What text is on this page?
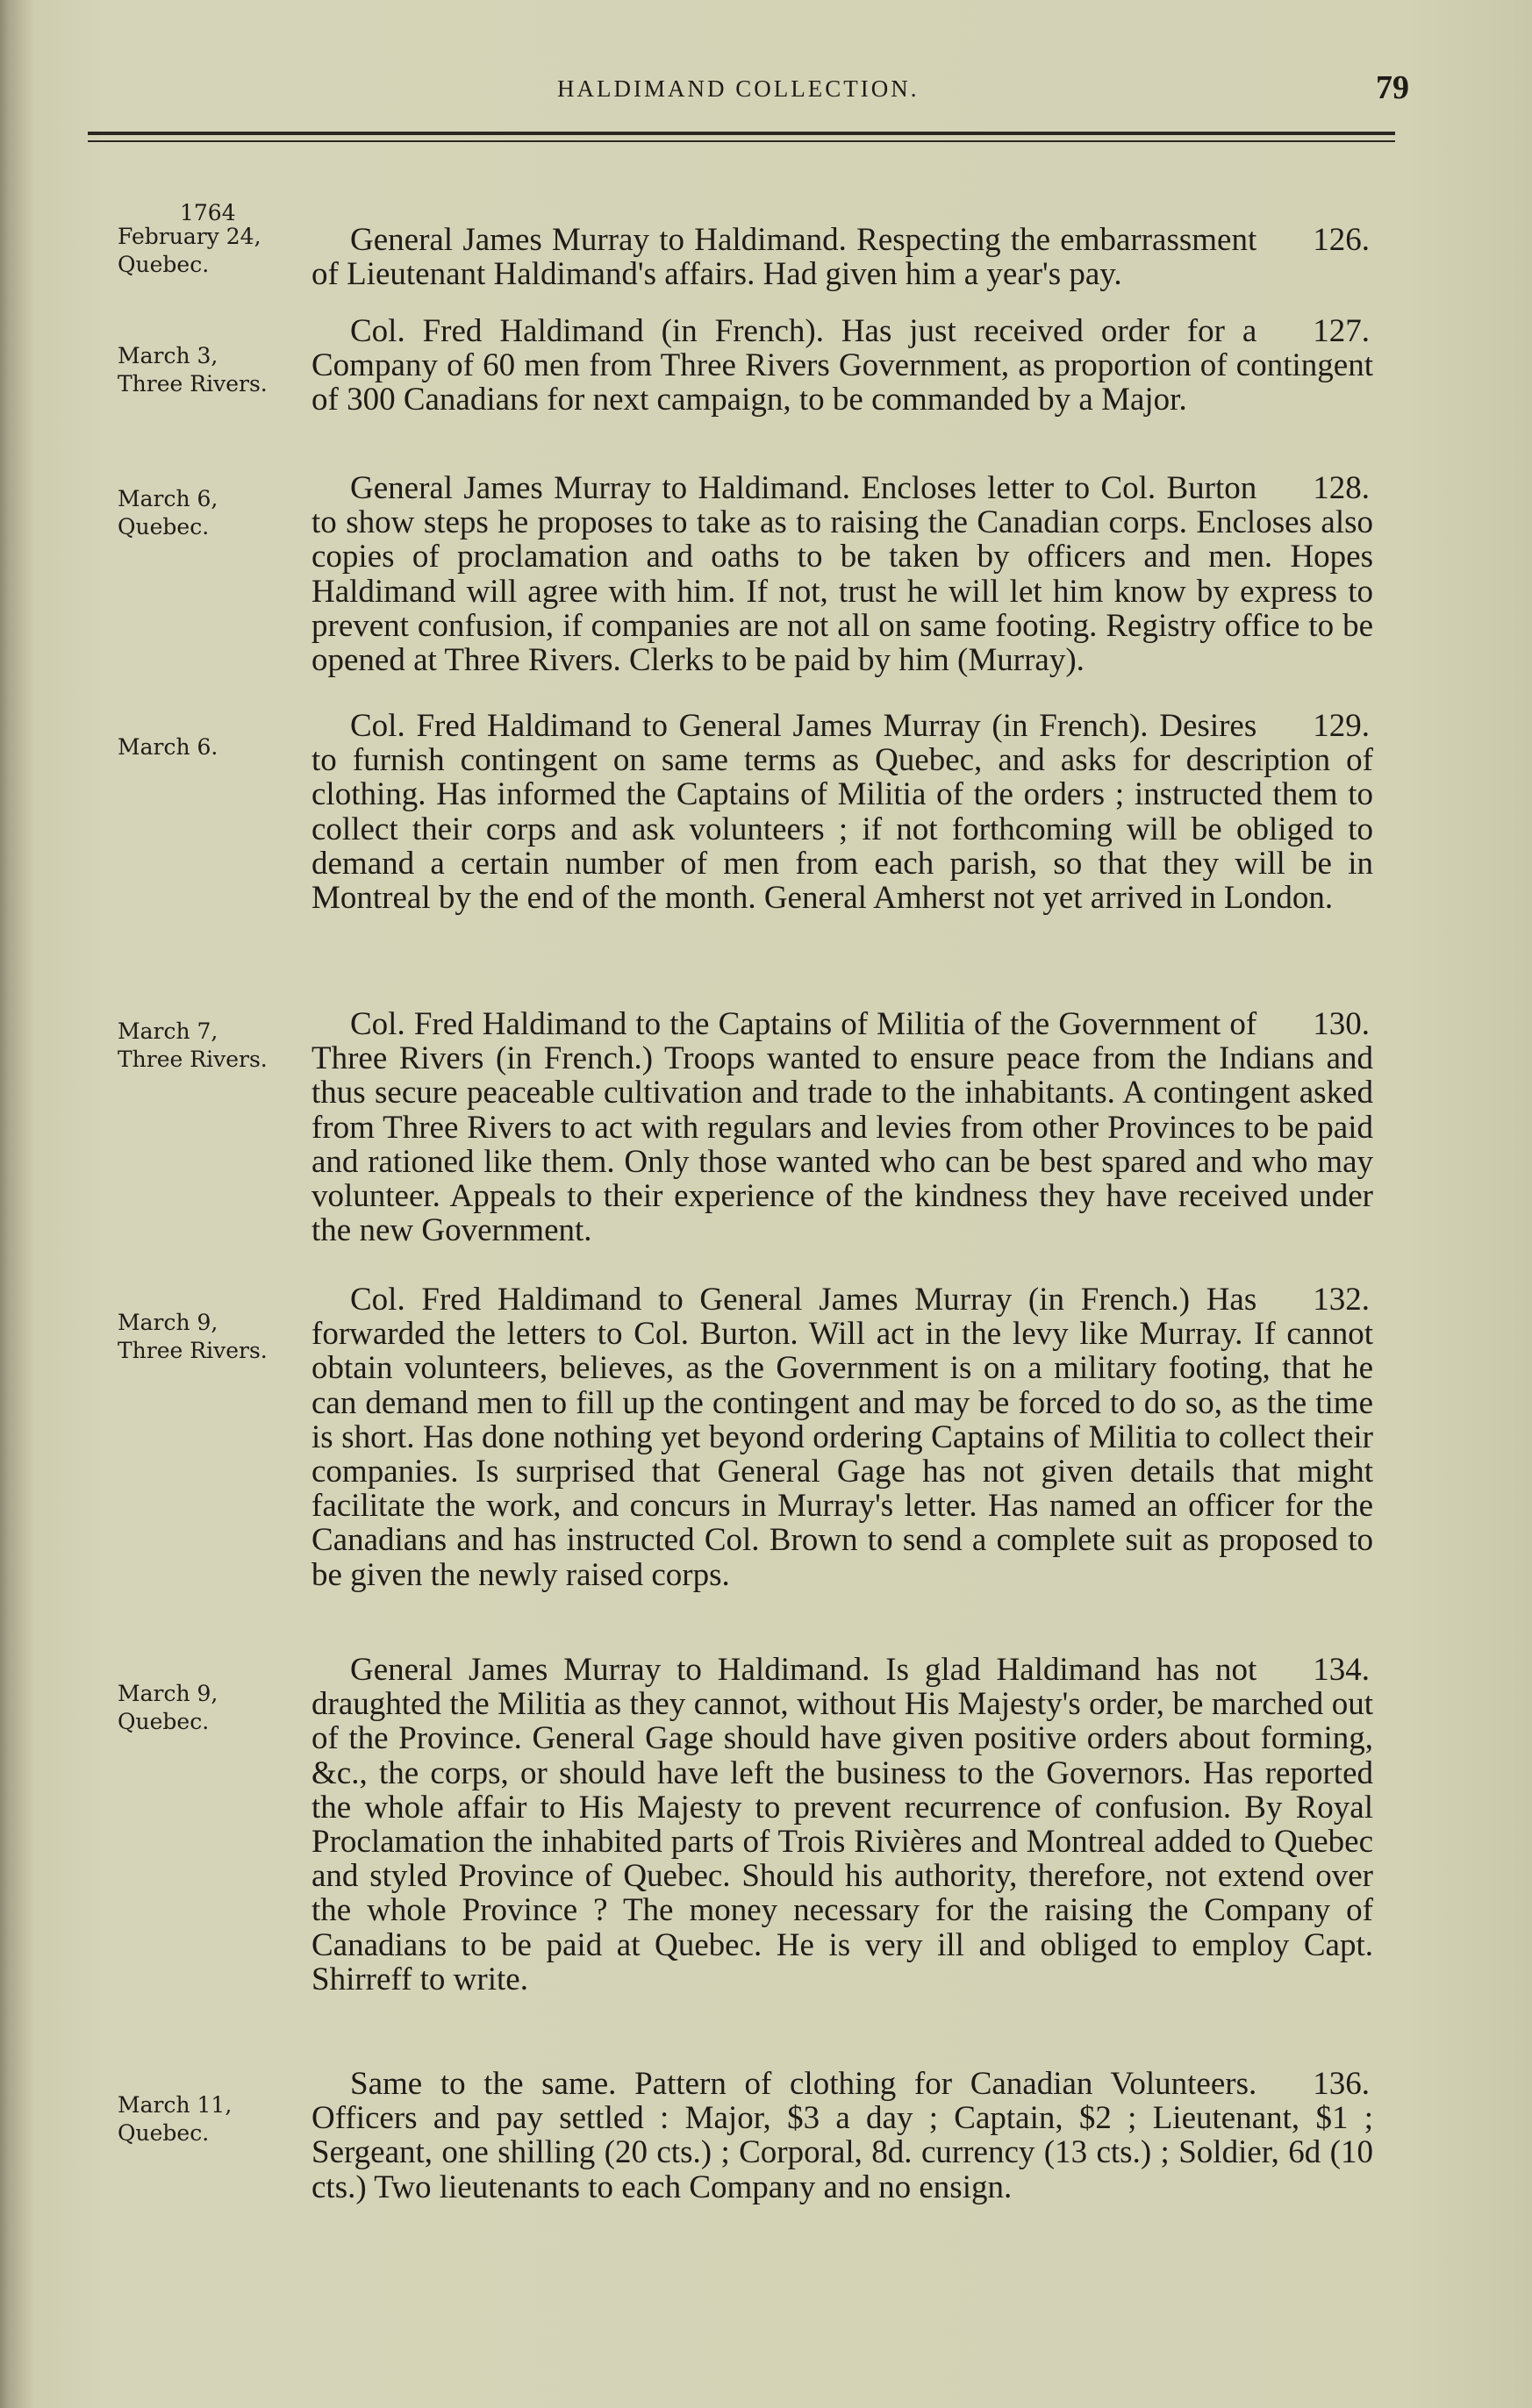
HALDIMAND COLLECTION.	79
1764
February 24,
Quebec.
126.
General James Murray to Haldimand. Respecting the embarrassment of Lieutenant Haldimand's affairs. Had given him a year's pay.
March 3,
Three Rivers.
127.
Col. Fred Haldimand (in French). Has just received order for a Company of 60 men from Three Rivers Government, as proportion of contingent of 300 Canadians for next campaign, to be commanded by a Major.
March 6,
Quebec.
128.
General James Murray to Haldimand. Encloses letter to Col. Burton to show steps he proposes to take as to raising the Canadian corps. Encloses also copies of proclamation and oaths to be taken by officers and men. Hopes Haldimand will agree with him. If not, trust he will let him know by express to prevent confusion, if companies are not all on same footing. Registry office to be opened at Three Rivers. Clerks to be paid by him (Murray).
March 6.
129.
Col. Fred Haldimand to General James Murray (in French). Desires to furnish contingent on same terms as Quebec, and asks for description of clothing. Has informed the Captains of Militia of the orders ; instructed them to collect their corps and ask volunteers ; if not forthcoming will be obliged to demand a certain number of men from each parish, so that they will be in Montreal by the end of the month. General Amherst not yet arrived in London.
March 7,
Three Rivers.
130.
Col. Fred Haldimand to the Captains of Militia of the Government of Three Rivers (in French.) Troops wanted to ensure peace from the Indians and thus secure peaceable cultivation and trade to the inhabitants. A contingent asked from Three Rivers to act with regulars and levies from other Provinces to be paid and rationed like them. Only those wanted who can be best spared and who may volunteer. Appeals to their experience of the kindness they have received under the new Government.
March 9,
Three Rivers.
132.
Col. Fred Haldimand to General James Murray (in French.) Has forwarded the letters to Col. Burton. Will act in the levy like Murray. If cannot obtain volunteers, believes, as the Government is on a military footing, that he can demand men to fill up the contingent and may be forced to do so, as the time is short. Has done nothing yet beyond ordering Captains of Militia to collect their companies. Is surprised that General Gage has not given details that might facilitate the work, and concurs in Murray's letter. Has named an officer for the Canadians and has instructed Col. Brown to send a complete suit as proposed to be given the newly raised corps.
March 9,
Quebec.
134.
General James Murray to Haldimand. Is glad Haldimand has not draughted the Militia as they cannot, without His Majesty's order, be marched out of the Province. General Gage should have given positive orders about forming, &c., the corps, or should have left the business to the Governors. Has reported the whole affair to His Majesty to prevent recurrence of confusion. By Royal Proclamation the inhabited parts of Trois Rivières and Montreal added to Quebec and styled Province of Quebec. Should his authority, therefore, not extend over the whole Province ? The money necessary for the raising the Company of Canadians to be paid at Quebec. He is very ill and obliged to employ Capt. Shirreff to write.
March 11,
Quebec.
136.
Same to the same. Pattern of clothing for Canadian Volunteers. Officers and pay settled : Major, $3 a day ; Captain, $2 ; Lieutenant, $1 ; Sergeant, one shilling (20 cts.) ; Corporal, 8d. currency (13 cts.) ; Soldier, 6d (10 cts.) Two lieutenants to each Company and no ensign.
